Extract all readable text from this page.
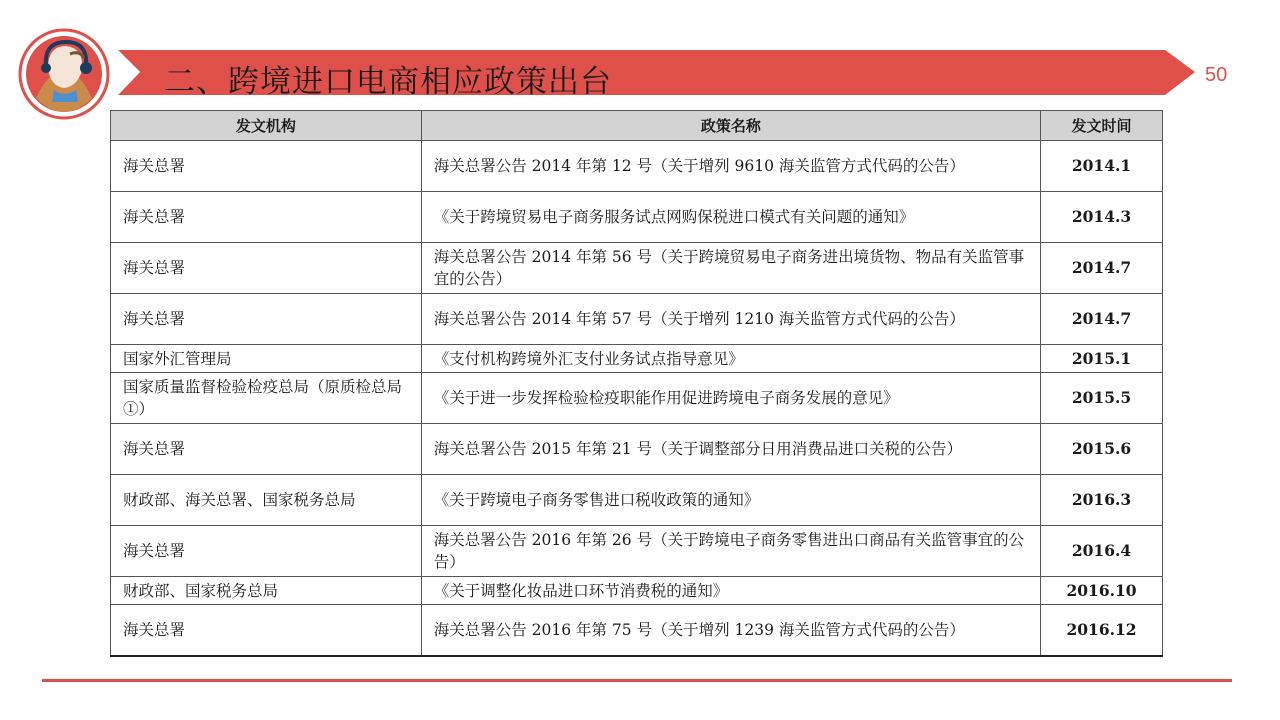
二、跨境进口电商相应政策出台	50
发文机构	政策名称	发文时间
海关总署	海关总署公告 2014 年第 12 号（关于增列 9610 海关监管方式代码的公告）	2014.1
海关总署	《关于跨境贸易电子商务服务试点网购保税进口模式有关问题的通知》	2014.3
海关总署	海关总署公告 2014 年第 56 号（关于跨境贸易电子商务进出境货物、物品有关监管事宜的公告）	2014.7
海关总署	海关总署公告 2014 年第 57 号（关于增列 1210 海关监管方式代码的公告）	2014.7
国家外汇管理局	《支付机构跨境外汇支付业务试点指导意见》	2015.1
国家质量监督检验检疫总局（原质检总局①）	《关于进一步发挥检验检疫职能作用促进跨境电子商务发展的意见》	2015.5
海关总署	海关总署公告 2015 年第 21 号（关于调整部分日用消费品进口关税的公告）	2015.6
财政部、海关总署、国家税务总局	《关于跨境电子商务零售进口税收政策的通知》	2016.3
海关总署	海关总署公告 2016 年第 26 号（关于跨境电子商务零售进出口商品有关监管事宜的公告）	2016.4
财政部、国家税务总局	《关于调整化妆品进口环节消费税的通知》	2016.10
海关总署	海关总署公告 2016 年第 75 号（关于增列 1239 海关监管方式代码的公告）	2016.12
